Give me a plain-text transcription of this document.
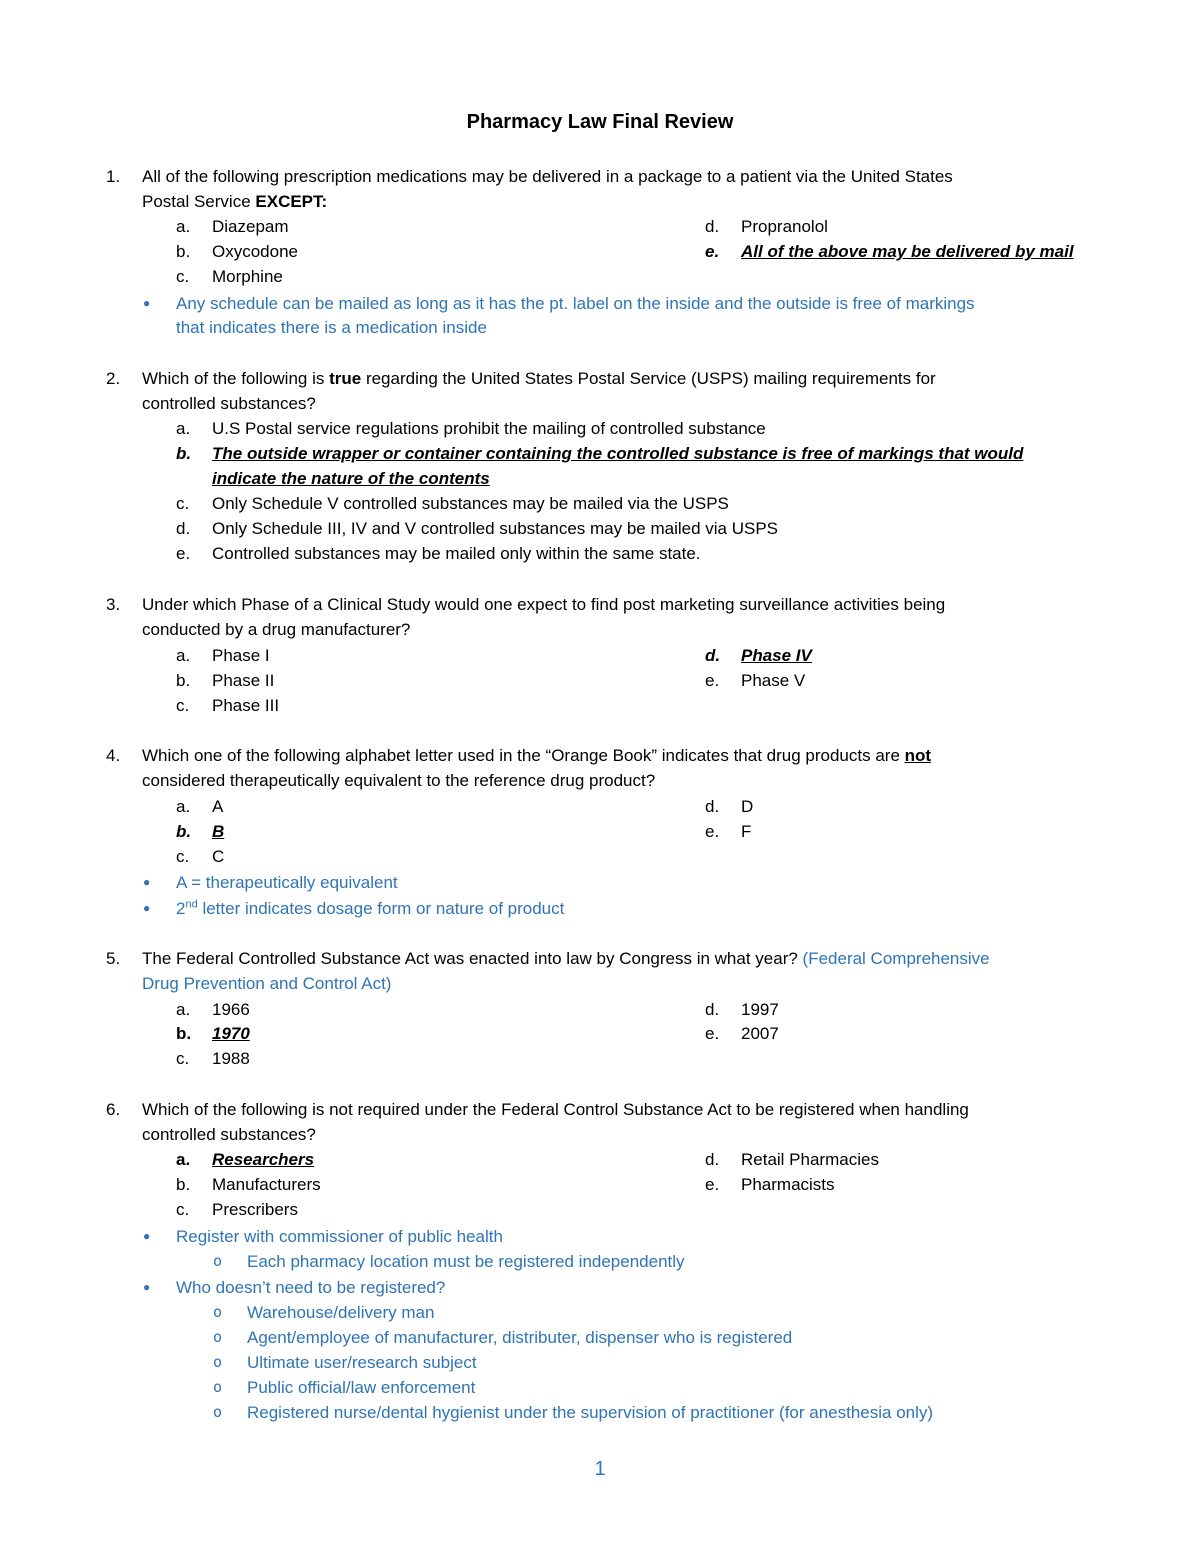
Pharmacy Law Final Review
1. All of the following prescription medications may be delivered in a package to a patient via the United States
Postal Service EXCEPT:
a. Diazepam
b. Oxycodone
c. Morphine
d. Propranolol
e. All of the above may be delivered by mail
● Any schedule can be mailed as long as it has the pt. label on the inside and the outside is free of markings
that indicates there is a medication inside
2. Which of the following is true regarding the United States Postal Service (USPS) mailing requirements for
controlled substances?
a. U.S Postal service regulations prohibit the mailing of controlled substance
b. The outside wrapper or container containing the controlled substance is free of markings that would
indicate the nature of the contents
c. Only Schedule V controlled substances may be mailed via the USPS
d. Only Schedule III, IV and V controlled substances may be mailed via USPS
e. Controlled substances may be mailed only within the same state.
3. Under which Phase of a Clinical Study would one expect to find post marketing surveillance activities being
conducted by a drug manufacturer?
a. Phase I
b. Phase II
c. Phase III
d. Phase IV
e. Phase V
4. Which one of the following alphabet letter used in the “Orange Book” indicates that drug products are not
considered therapeutically equivalent to the reference drug product?
a. A
b. B
c. C
d. D
e. F
● A = therapeutically equivalent
● 2nd letter indicates dosage form or nature of product
5. The Federal Controlled Substance Act was enacted into law by Congress in what year? (Federal Comprehensive
Drug Prevention and Control Act)
a. 1966
b. 1970
c. 1988
d. 1997
e. 2007
6. Which of the following is not required under the Federal Control Substance Act to be registered when handling
controlled substances?
a. Researchers
b. Manufacturers
c. Prescribers
d. Retail Pharmacies
e. Pharmacists
● Register with commissioner of public health
o Each pharmacy location must be registered independently
● Who doesn’t need to be registered?
o Warehouse/delivery man
o Agent/employee of manufacturer, distributer, dispenser who is registered
o Ultimate user/research subject
o Public official/law enforcement
o Registered nurse/dental hygienist under the supervision of practitioner (for anesthesia only)
1
